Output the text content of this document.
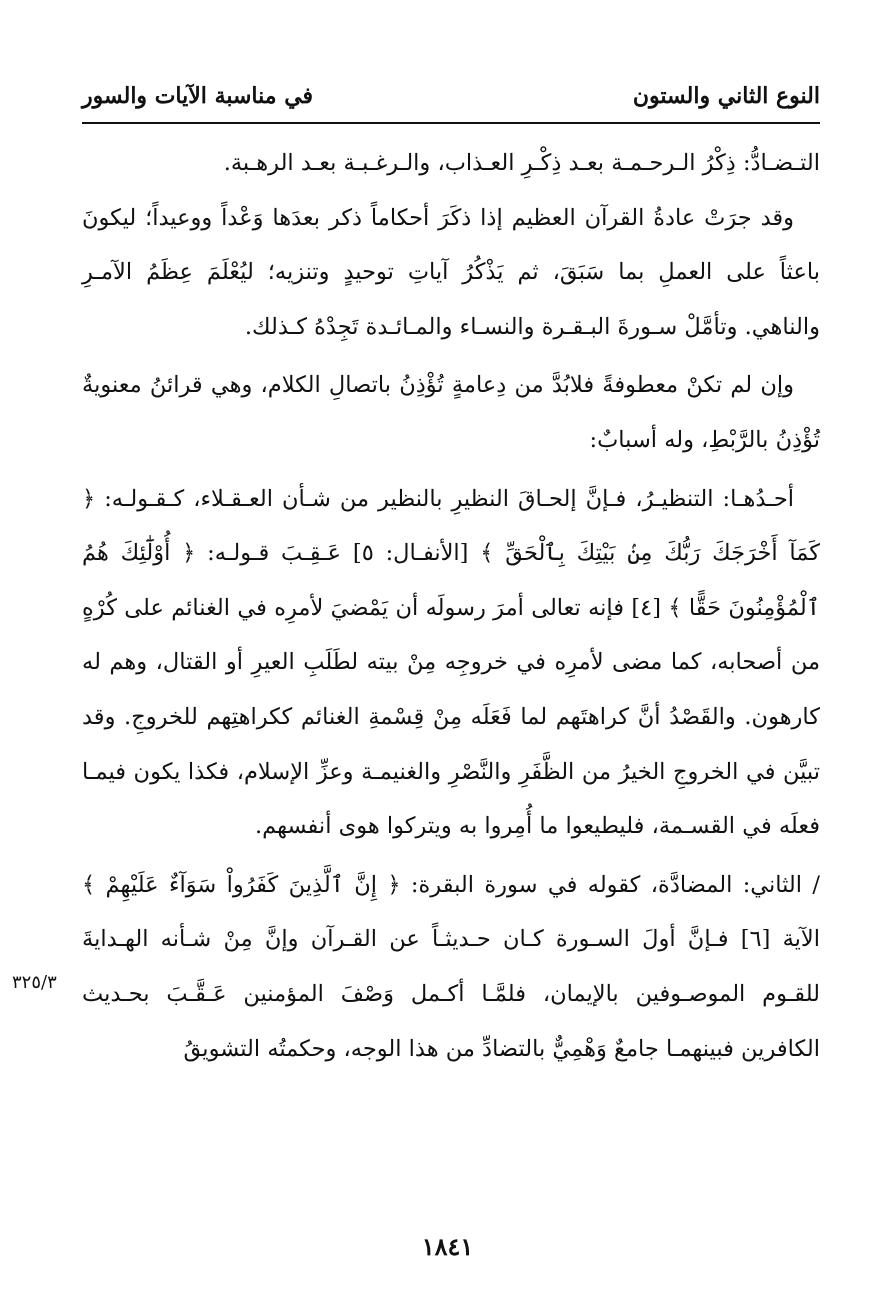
النوع الثاني والستون
في مناسبة الآيات والسور

التـضـادُّ: ذِكْرُ الـرحـمـة بعـد ذِكْـرِ العـذاب، والـرغـبـة بعـد الرهـبة.

وقد جرَتْ عادةُ القرآن العظيم إذا ذكَرَ أحكاماً ذكر بعدَها وَعْداً ووعيداً؛ ليكونَ باعثاً على العملِ بما سَبَقَ، ثم يَذْكُرُ آياتِ توحيدٍ وتنزيه؛ ليُعْلَمَ عِظَمُ الآمـرِ والناهي. وتأمَّلْ سـورةَ البـقـرة والنسـاء والمـائـدة تَجِدْهُ كـذلك.

وإن لم تكنْ معطوفةً فلابُدَّ من دِعامةٍ تُؤْذِنُ باتصالِ الكلام، وهي قرائنُ معنويةٌ تُؤْذِنُ بالرَّبْطِ، وله أسبابٌ:

أحـدُهـا: التنظيـرُ، فـإنَّ إلحـاقَ النظيرِ بالنظير من شـأن العـقـلاء، كـقـولـه: ﴿ كَمَآ أَخْرَجَكَ رَبُّكَ مِنۢ بَيْتِكَ بِٱلْحَقِّ ﴾ [الأنفـال: ٥] عَـقِـبَ قـولـه: ﴿ أُوْلَٰٓئِكَ هُمُ ٱلْمُؤْمِنُونَ حَقًّا ﴾ [٤] فإنه تعالى أمرَ رسولَه أن يَمْضيَ لأمرِه في الغنائم على كُرْهٍ من أصحابه، كما مضى لأمرِه في خروجِه مِنْ بيته لطَلَبِ العيرِ أو القتال، وهم له كارهون. والقَصْدُ أنَّ كراهتَهم لما فَعَلَه مِنْ قِسْمةِ الغنائم ككراهتِهم للخروجِ. وقد تبيَّن في الخروجِ الخيرُ من الظَّفَرِ والنَّصْرِ والغنيمـة وعزِّ الإسلام، فكذا يكون فيمـا فعلَه في القسـمة، فليطيعوا ما أُمِروا به ويتركوا هوى أنفسهم.

/ الثاني: المضادَّة، كقوله في سورة البقرة: ﴿ إِنَّ ٱلَّذِينَ كَفَرُواْ سَوَآءٌ عَلَيْهِمْ ﴾ الآية [٦] فـإنَّ أولَ السـورة كـان حـديثـاً عن القـرآن وإنَّ مِنْ شـأنه الهـدايةَ للقـوم الموصـوفين بالإيمان، فلمَّـا أكـمل وَصْفَ المؤمنين عَـقَّـبَ بحـديث الكافرين فبينهمـا جامعٌ وَهْمِيٌّ بالتضادِّ من هذا الوجه، وحكمتُه التشويقُ

٣٢٥/٣
١٨٤١
